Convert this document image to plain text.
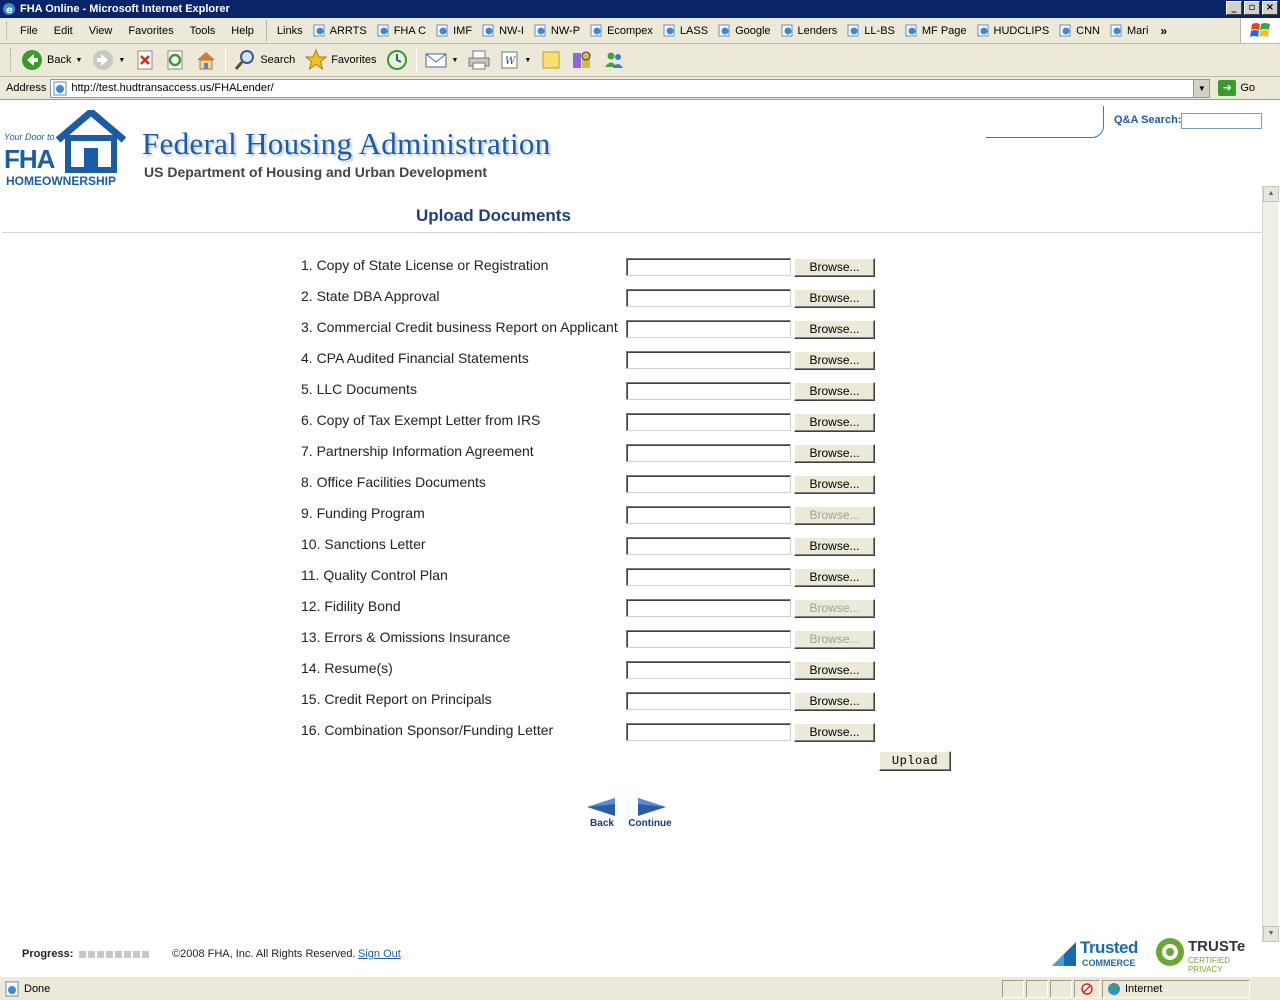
e FHA Online - Microsoft Internet Explorer	_	▫	×
File	Edit	View	Favorites	Tools	Help	Links	ARRTS FHA C IMF NW-I NW-P Ecompex LASS Google Lenders LL-BS MF Page HUDCLIPS CNN Mari »
Back ▼	▼	Search	Favorites	▼	W ▼
Address http://test.hudtransaccess.us/FHALender/	▼	➜ Go
Your Door to
FHA
HOMEOWNERSHIP
Federal Housing Administration
US Department of Housing and Urban Development
Q&A Search:
Upload Documents
1. Copy of State License or Registration	Browse...
2. State DBA Approval	Browse...
3. Commercial Credit business Report on Applicant	Browse...
4. CPA Audited Financial Statements	Browse...
5. LLC Documents	Browse...
6. Copy of Tax Exempt Letter from IRS	Browse...
7. Partnership Information Agreement	Browse...
8. Office Facilities Documents	Browse...
9. Funding Program	Browse...
10. Sanctions Letter	Browse...
11. Quality Control Plan	Browse...
12. Fidility Bond	Browse...
13. Errors & Omissions Insurance	Browse...
14. Resume(s)	Browse...
15. Credit Report on Principals	Browse...
16. Combination Sponsor/Funding Letter	Browse...
Upload
Back	Continue
Progress:	©2008 FHA, Inc. All Rights Reserved. Sign Out	Trusted
COMMERCE
TRUSTe
CERTIFIED PRIVACY
▲
▼
Done	Internet
